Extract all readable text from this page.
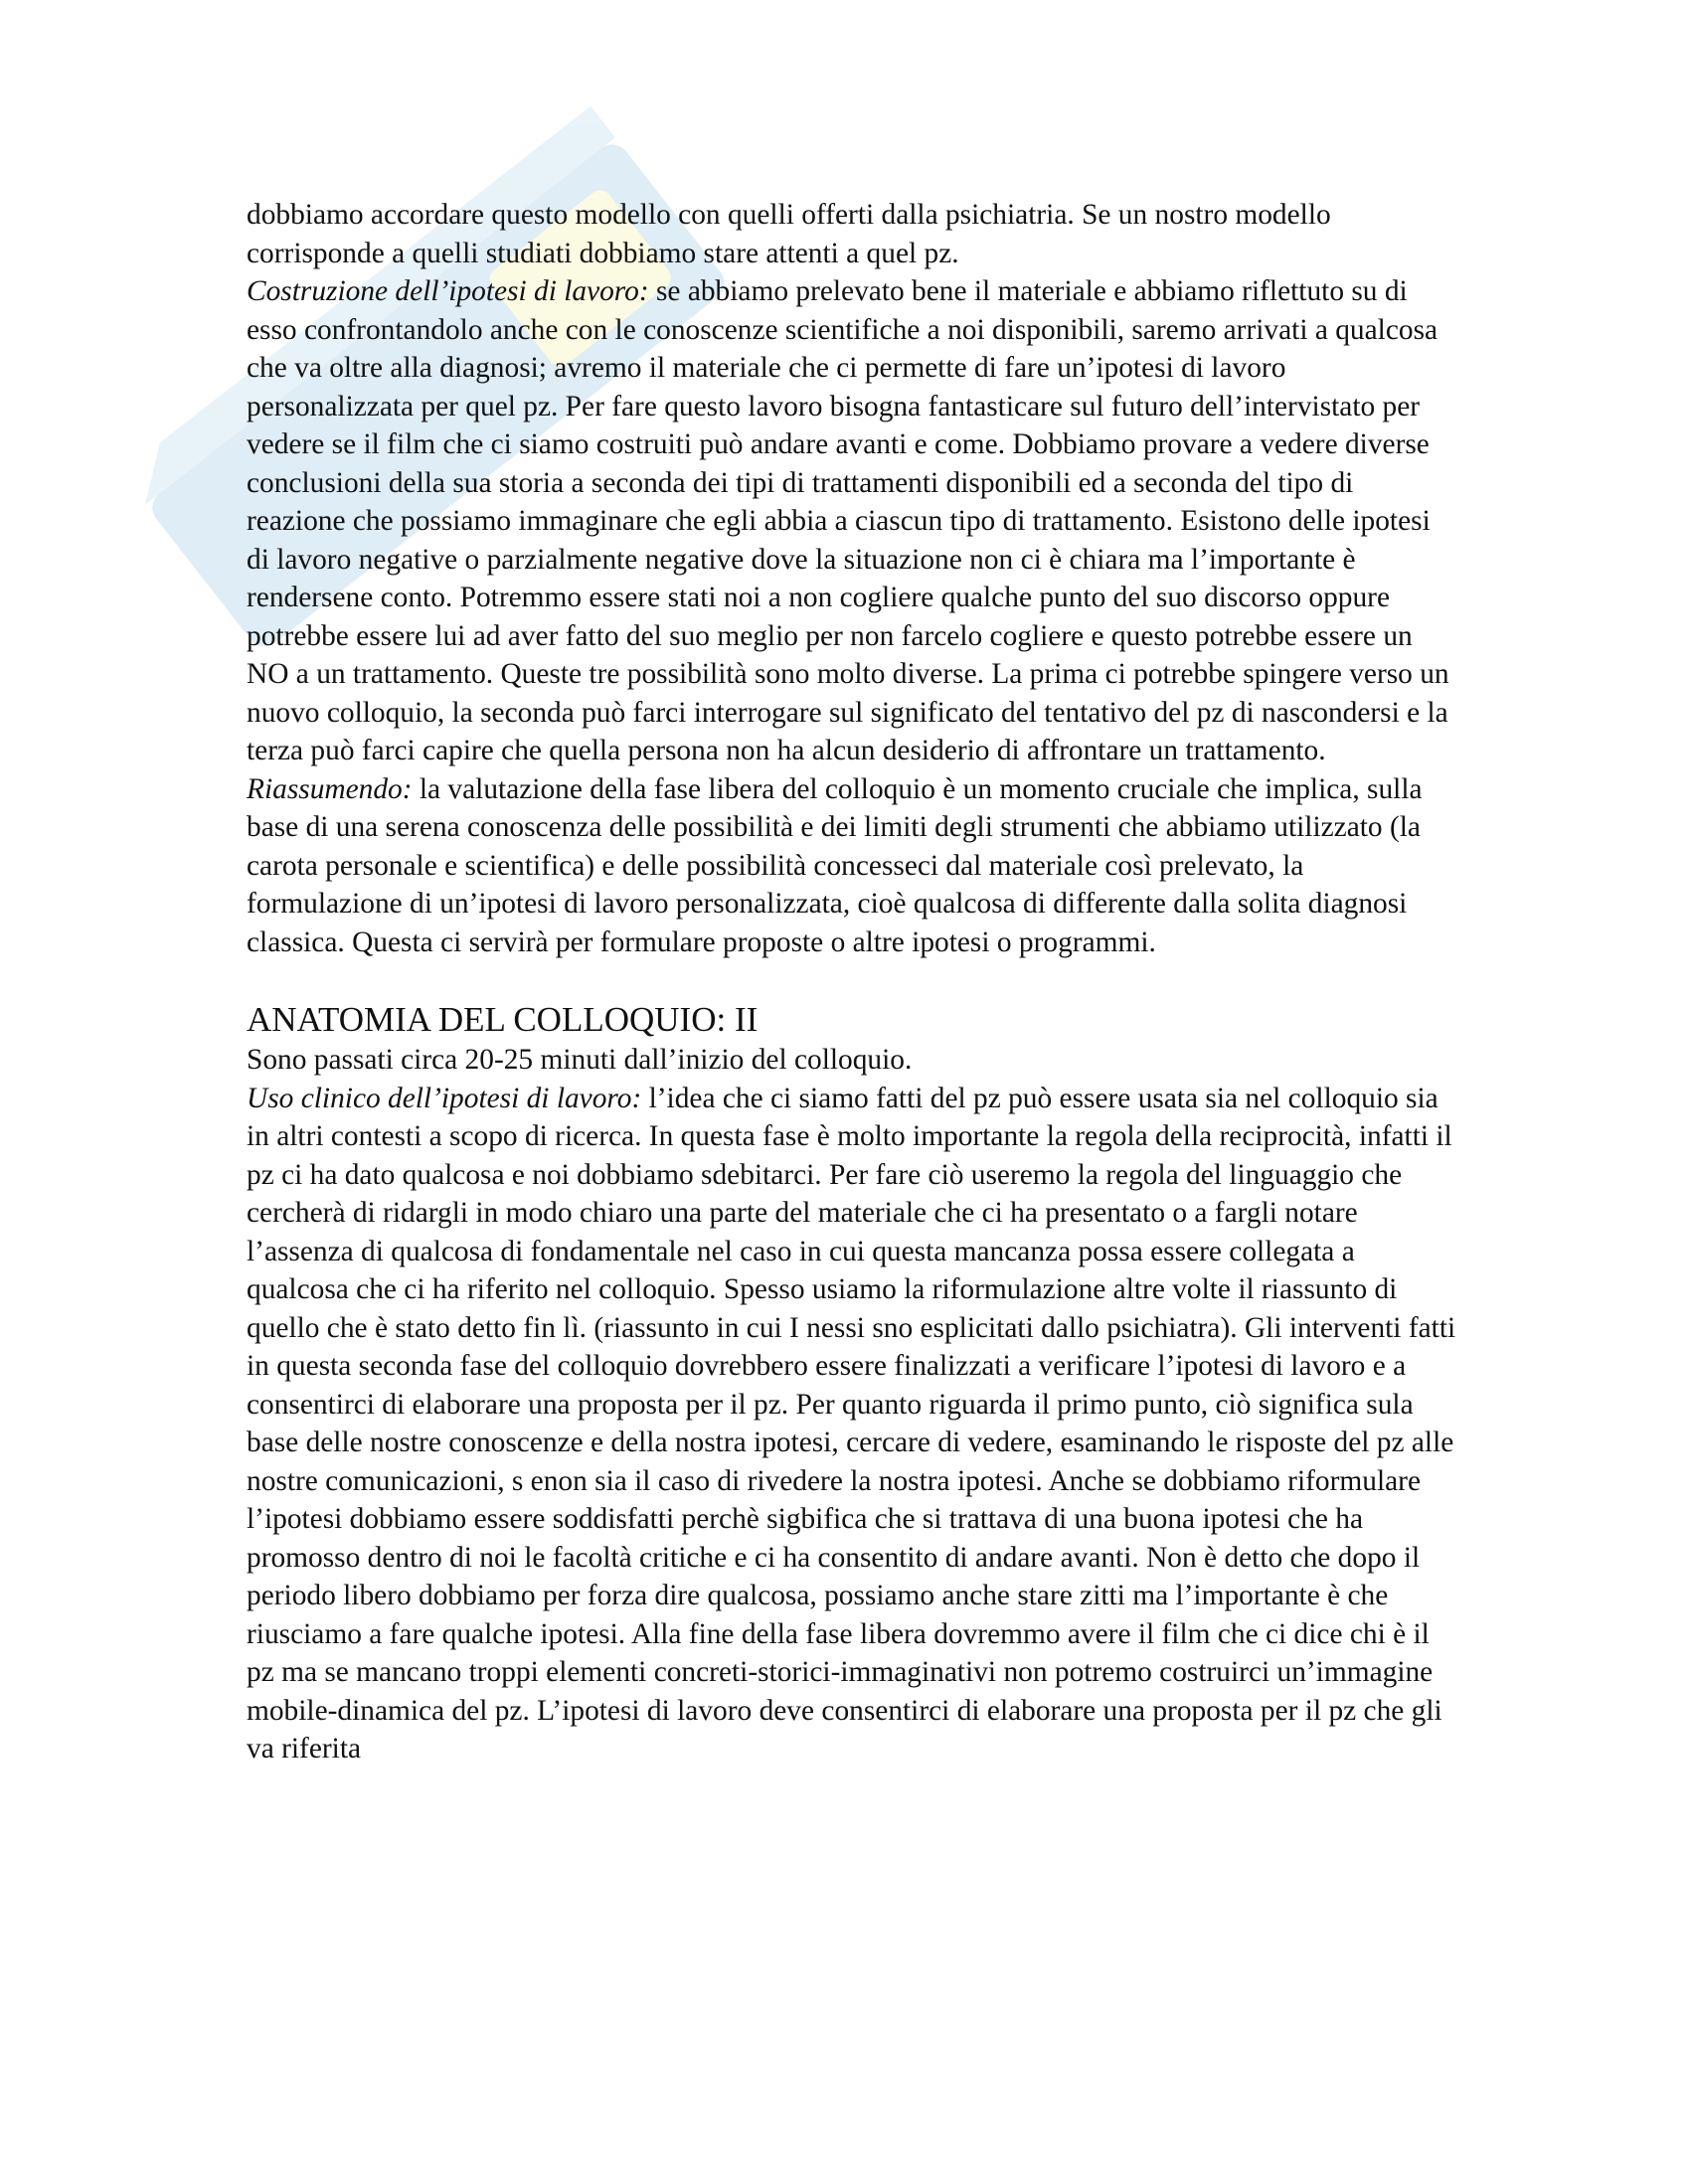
dobbiamo accordare questo modello con quelli offerti dalla psichiatria. Se un nostro modello corrisponde a quelli studiati dobbiamo stare attenti a quel pz.

Costruzione dell’ipotesi di lavoro: se abbiamo prelevato bene il materiale e abbiamo riflettuto su di esso confrontandolo anche con le conoscenze scientifiche a noi disponibili, saremo arrivati a qualcosa che va oltre alla diagnosi; avremo il materiale che ci permette di fare un’ipotesi di lavoro personalizzata per quel pz. Per fare questo lavoro bisogna fantasticare sul futuro dell’intervistato per vedere se il film che ci siamo costruiti può andare avanti e come. Dobbiamo provare a vedere diverse conclusioni della sua storia a seconda dei tipi di trattamenti disponibili ed a seconda del tipo di reazione che possiamo immaginare che egli abbia a ciascun tipo di trattamento. Esistono delle ipotesi di lavoro negative o parzialmente negative dove la situazione non ci è chiara ma l’importante è rendersene conto. Potremmo essere stati noi a non cogliere qualche punto del suo discorso oppure potrebbe essere lui ad aver fatto del suo meglio per non farcelo cogliere e questo potrebbe essere un NO a un trattamento. Queste tre possibilità sono molto diverse. La prima ci potrebbe spingere verso un nuovo colloquio, la seconda può farci interrogare sul significato del tentativo del pz di nascondersi e la terza può farci capire che quella persona non ha alcun desiderio di affrontare un trattamento. Riassumendo: la valutazione della fase libera del colloquio è un momento cruciale che implica, sulla base di una serena conoscenza delle possibilità e dei limiti degli strumenti che abbiamo utilizzato (la carota personale e scientifica) e delle possibilità concesseci dal materiale così prelevato, la formulazione di un’ipotesi di lavoro personalizzata, cioè qualcosa di differente dalla solita diagnosi classica. Questa ci servirà per formulare proposte o altre ipotesi o programmi.

ANATOMIA DEL COLLOQUIO: II

Sono passati circa 20-25 minuti dall’inizio del colloquio.

Uso clinico dell’ipotesi di lavoro: l’idea che ci siamo fatti del pz può essere usata sia nel colloquio sia in altri contesti a scopo di ricerca. In questa fase è molto importante la regola della reciprocità, infatti il pz ci ha dato qualcosa e noi dobbiamo sdebitarci. Per fare ciò useremo la regola del linguaggio che cercherà di ridargli in modo chiaro una parte del materiale che ci ha presentato o a fargli notare l’assenza di qualcosa di fondamentale nel caso in cui questa mancanza possa essere collegata a qualcosa che ci ha riferito nel colloquio. Spesso usiamo la riformulazione altre volte il riassunto di quello che è stato detto fin lì. (riassunto in cui I nessi sno esplicitati dallo psichiatra). Gli interventi fatti in questa seconda fase del colloquio dovrebbero essere finalizzati a verificare l’ipotesi di lavoro e a consentirci di elaborare una proposta per il pz. Per quanto riguarda il primo punto, ciò significa sula base delle nostre conoscenze e della nostra ipotesi, cercare di vedere, esaminando le risposte del pz alle nostre comunicazioni, s enon sia il caso di rivedere la nostra ipotesi. Anche se dobbiamo riformulare l’ipotesi dobbiamo essere soddisfatti perchè sigbifica che si trattava di una buona ipotesi che ha promosso dentro di noi le facoltà critiche e ci ha consentito di andare avanti. Non è detto che dopo il periodo libero dobbiamo per forza dire qualcosa, possiamo anche stare zitti ma l’importante è che riusciamo a fare qualche ipotesi. Alla fine della fase libera dovremmo avere il film che ci dice chi è il pz ma se mancano troppi elementi concreti-storici-immaginativi non potremo costruirci un’immagine mobile-dinamica del pz. L’ipotesi di lavoro deve consentirci di elaborare una proposta per il pz che gli va riferita
